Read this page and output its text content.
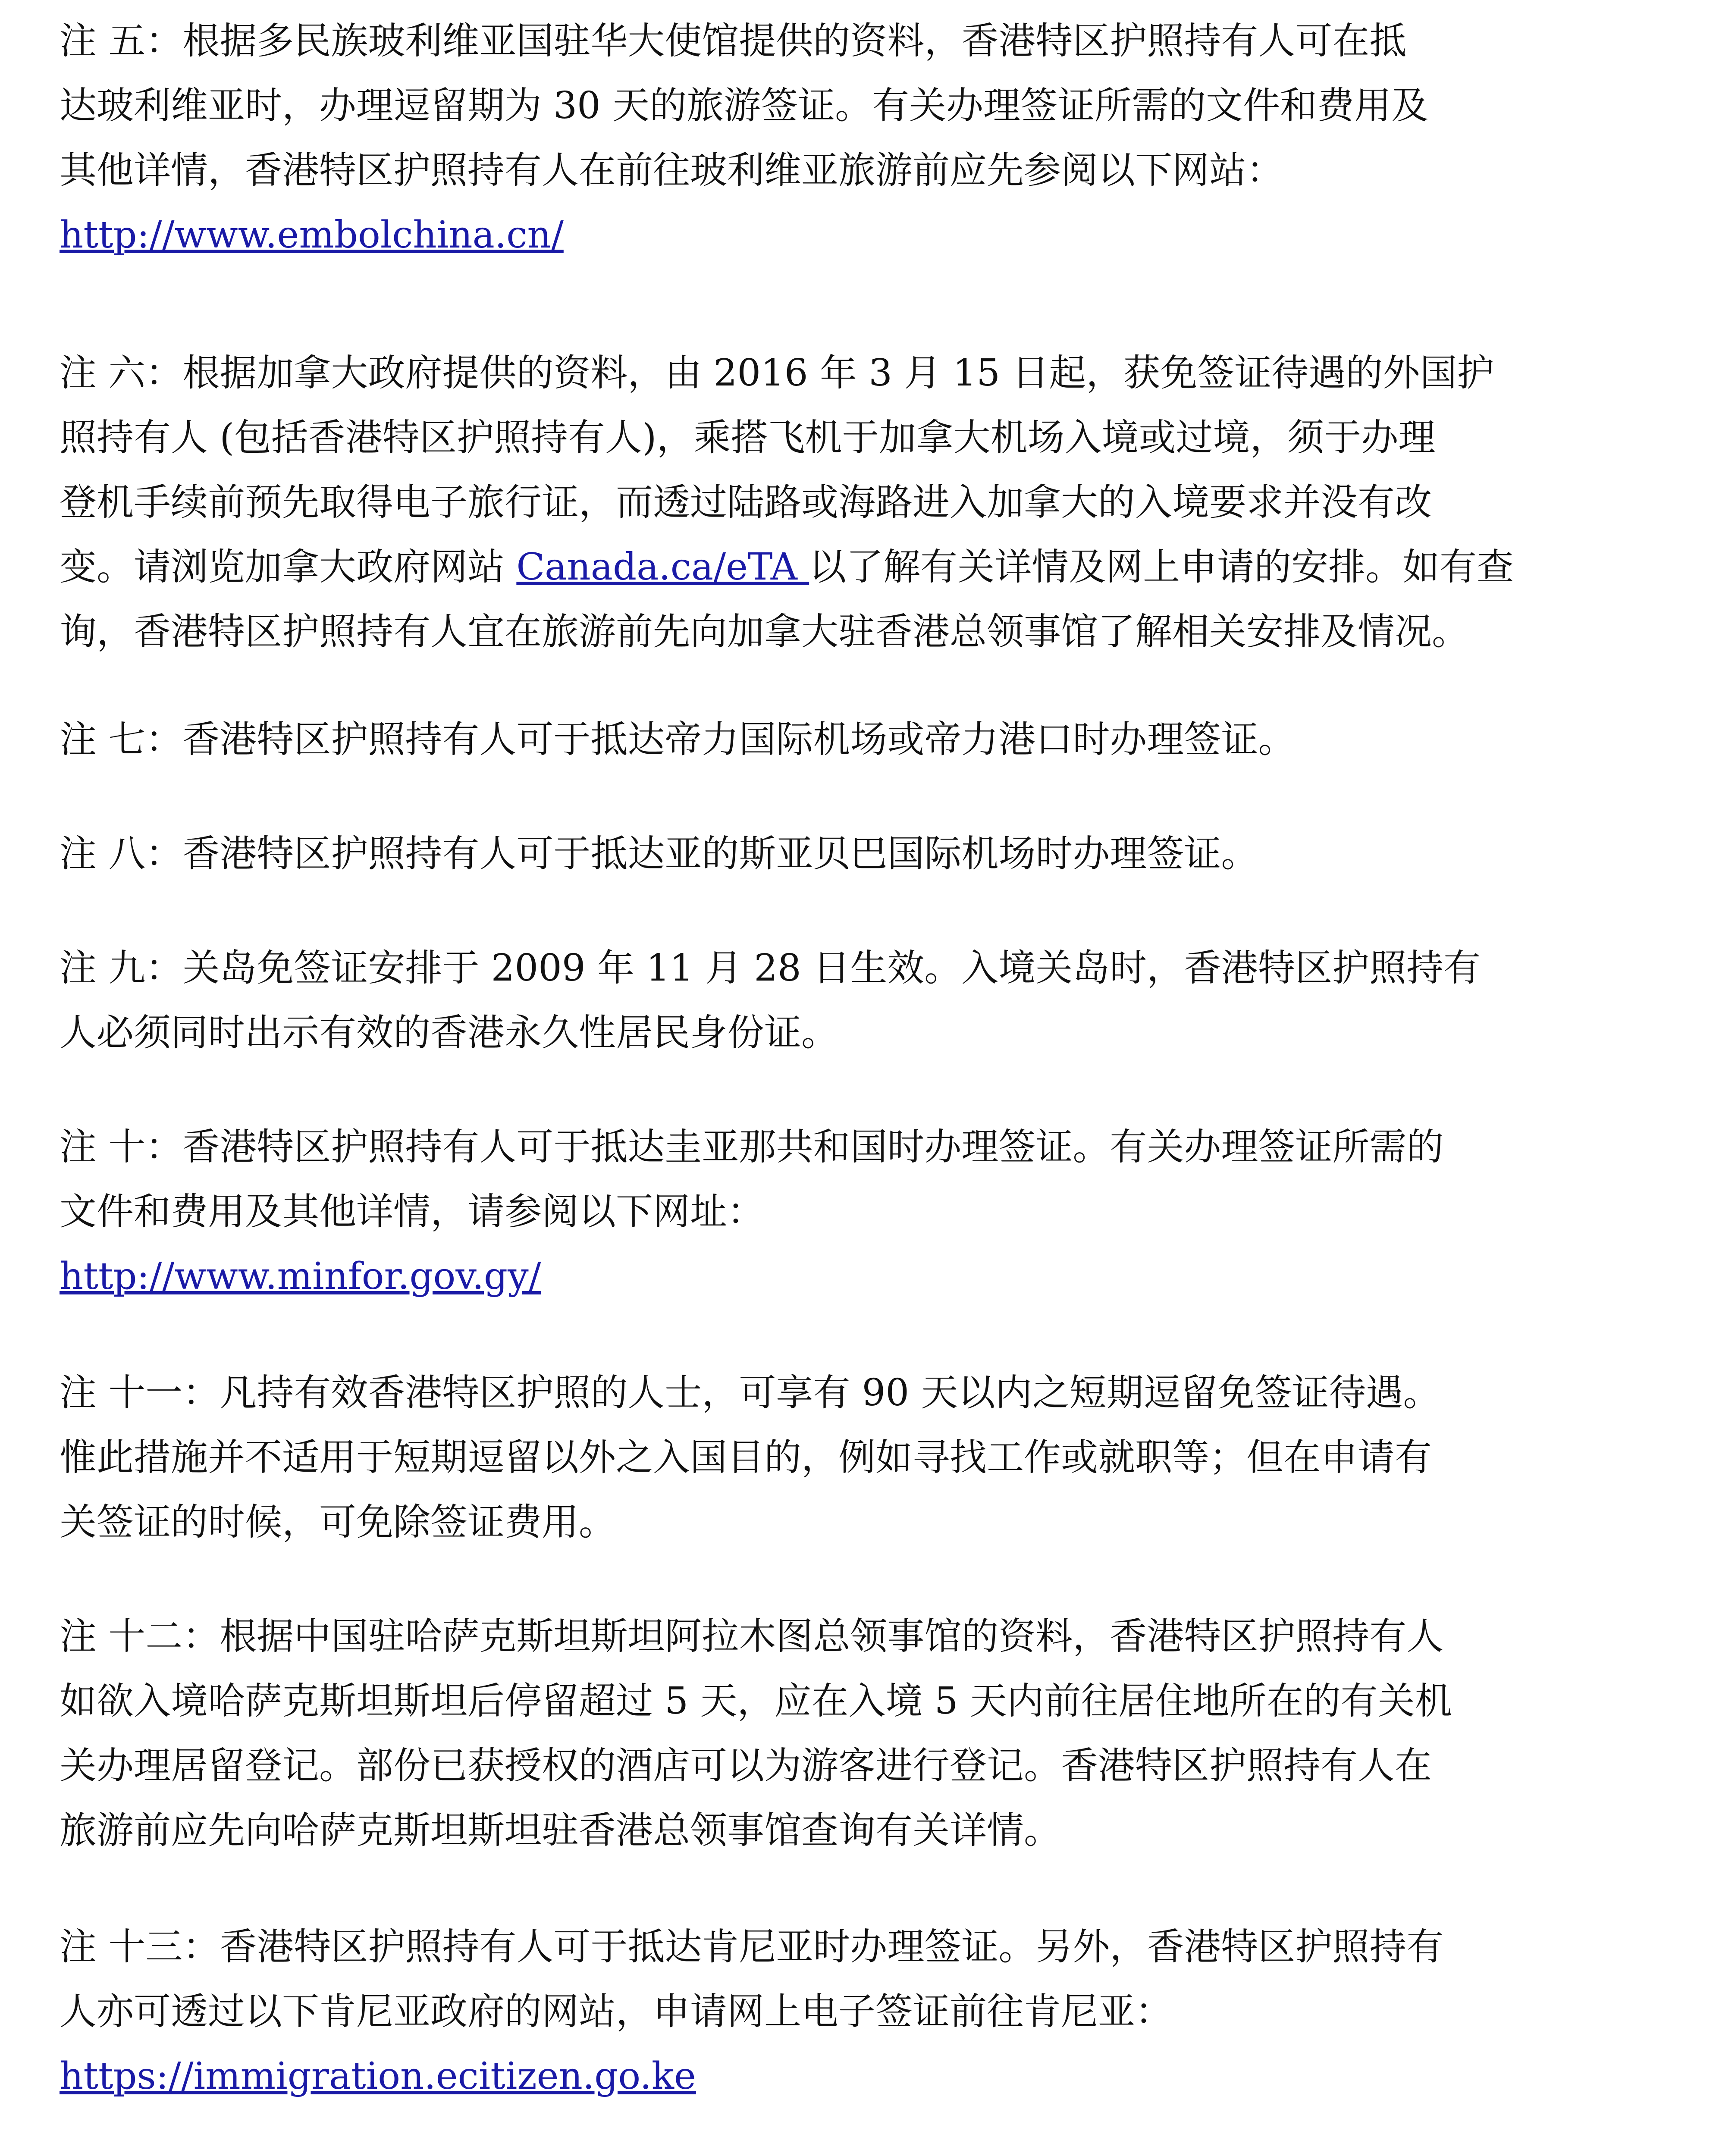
注 五：根据多民族玻利维亚国驻华大使馆提供的资料，香港特区护照持有人可在抵
达玻利维亚时，办理逗留期为 30 天的旅游签证。有关办理签证所需的文件和费用及
其他详情，香港特区护照持有人在前往玻利维亚旅游前应先参阅以下网站：
http://www.embolchina.cn/

注 六：根据加拿大政府提供的资料，由 2016 年 3 月 15 日起，获免签证待遇的外国护
照持有人 (包括香港特区护照持有人)，乘搭飞机于加拿大机场入境或过境，须于办理
登机手续前预先取得电子旅行证，而透过陆路或海路进入加拿大的入境要求并没有改
变。请浏览加拿大政府网站 Canada.ca/eTA 以了解有关详情及网上申请的安排。如有查
询，香港特区护照持有人宜在旅游前先向加拿大驻香港总领事馆了解相关安排及情况。

注 七：香港特区护照持有人可于抵达帝力国际机场或帝力港口时办理签证。

注 八：香港特区护照持有人可于抵达亚的斯亚贝巴国际机场时办理签证。

注 九：关岛免签证安排于 2009 年 11 月 28 日生效。入境关岛时，香港特区护照持有
人必须同时出示有效的香港永久性居民身份证。

注 十：香港特区护照持有人可于抵达圭亚那共和国时办理签证。有关办理签证所需的
文件和费用及其他详情，请参阅以下网址：
http://www.minfor.gov.gy/

注 十一：凡持有效香港特区护照的人士，可享有 90 天以内之短期逗留免签证待遇。
惟此措施并不适用于短期逗留以外之入国目的，例如寻找工作或就职等；但在申请有
关签证的时候，可免除签证费用。

注 十二：根据中国驻哈萨克斯坦斯坦阿拉木图总领事馆的资料，香港特区护照持有人
如欲入境哈萨克斯坦斯坦后停留超过 5 天，应在入境 5 天内前往居住地所在的有关机
关办理居留登记。部份已获授权的酒店可以为游客进行登记。香港特区护照持有人在
旅游前应先向哈萨克斯坦斯坦驻香港总领事馆查询有关详情。

注 十三：香港特区护照持有人可于抵达肯尼亚时办理签证。另外，香港特区护照持有
人亦可透过以下肯尼亚政府的网站，申请网上电子签证前往肯尼亚：
https://immigration.ecitizen.go.ke
